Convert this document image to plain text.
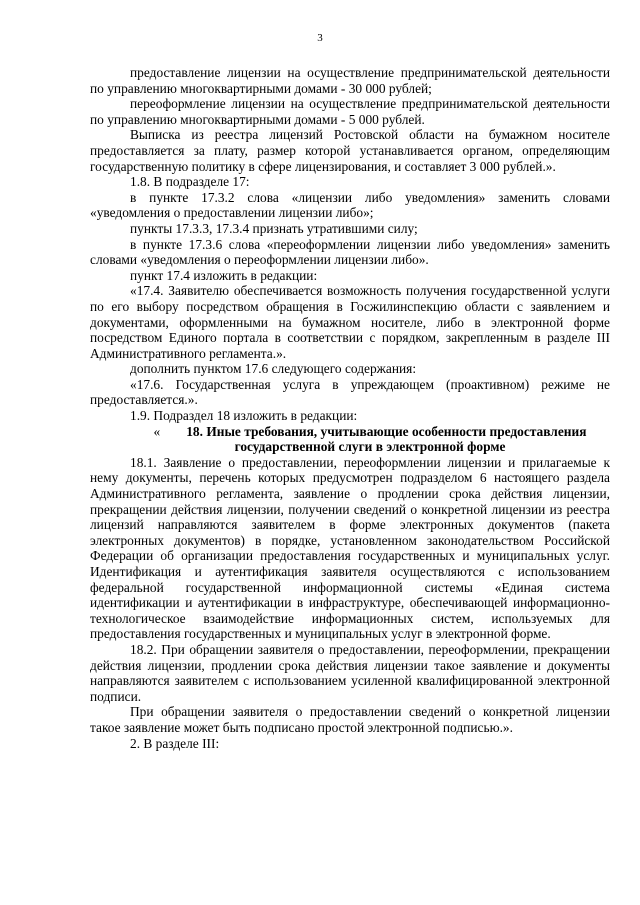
3

предоставление лицензии на осуществление предпринимательской деятельности по управлению многоквартирными домами - 30 000 рублей;

переоформление лицензии на осуществление предпринимательской деятельности по управлению многоквартирными домами - 5 000 рублей.

Выписка из реестра лицензий Ростовской области на бумажном носителе предоставляется за плату, размер которой устанавливается органом, определяющим государственную политику в сфере лицензирования, и составляет 3 000 рублей.».

1.8. В подразделе 17:

в пункте 17.3.2 слова «лицензии либо уведомления» заменить словами «уведомления о предоставлении лицензии либо»;

пункты 17.3.3, 17.3.4 признать утратившими силу;

в пункте 17.3.6 слова «переоформлении лицензии либо уведомления» заменить словами «уведомления о переоформлении лицензии либо».

пункт 17.4 изложить в редакции:

«17.4. Заявителю обеспечивается возможность получения государственной услуги по его выбору посредством обращения в Госжилинспекцию области с заявлением и документами, оформленными на бумажном носителе, либо в электронной форме посредством Единого портала в соответствии с порядком, закрепленным в разделе III Административного регламента.».

дополнить пунктом 17.6 следующего содержания:

«17.6. Государственная услуга в упреждающем (проактивном) режиме не предоставляется.».

1.9. Подраздел 18 изложить в редакции:

« 18. Иные требования, учитывающие особенности предоставления государственной слуги в электронной форме

18.1. Заявление о предоставлении, переоформлении лицензии и прилагаемые к нему документы, перечень которых предусмотрен подразделом 6 настоящего раздела Административного регламента, заявление о продлении срока действия лицензии, прекращении действия лицензии, получении сведений о конкретной лицензии из реестра лицензий направляются заявителем в форме электронных документов (пакета электронных документов) в порядке, установленном законодательством Российской Федерации об организации предоставления государственных и муниципальных услуг. Идентификация и аутентификация заявителя осуществляются с использованием федеральной государственной информационной системы «Единая система идентификации и аутентификации в инфраструктуре, обеспечивающей информационно-технологическое взаимодействие информационных систем, используемых для предоставления государственных и муниципальных услуг в электронной форме.

18.2. При обращении заявителя о предоставлении, переоформлении, прекращении действия лицензии, продлении срока действия лицензии такое заявление и документы направляются заявителем с использованием усиленной квалифицированной электронной подписи.

При обращении заявителя о предоставлении сведений о конкретной лицензии такое заявление может быть подписано простой электронной подписью.».

2. В разделе III:
